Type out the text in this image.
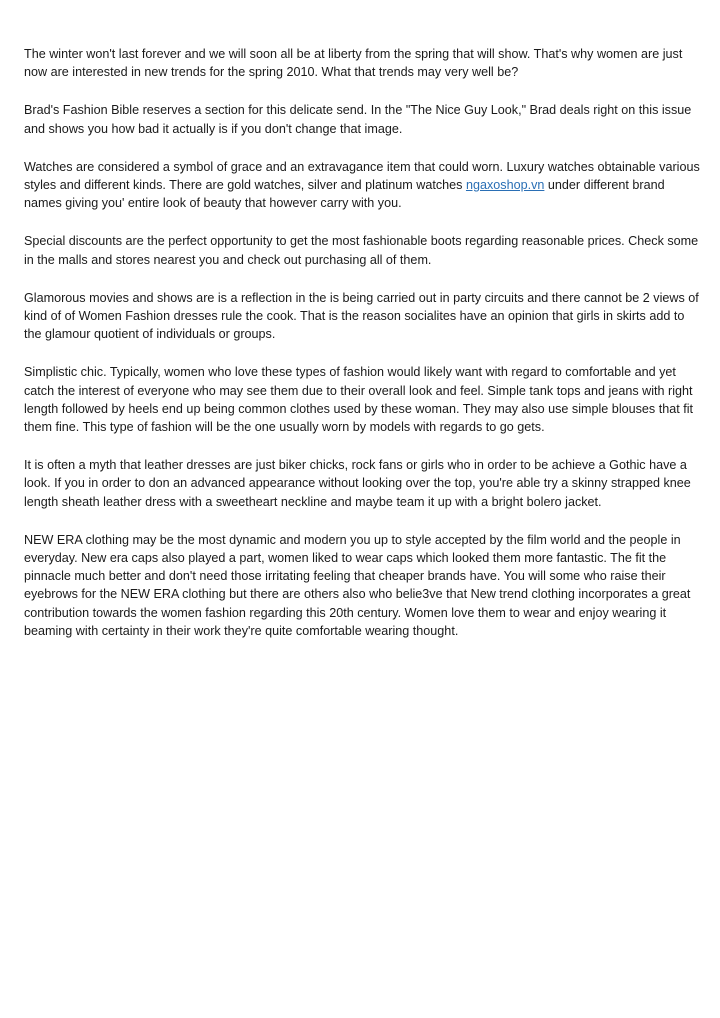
The winter won't last forever and we will soon all be at liberty from the spring that will show. That's why women are just now are interested in new trends for the spring 2010. What that trends may very well be?

Brad's Fashion Bible reserves a section for this delicate send. In the "The Nice Guy Look," Brad deals right on this issue and shows you how bad it actually is if you don't change that image.

Watches are considered a symbol of grace and an extravagance item that could worn. Luxury watches obtainable various styles and different kinds. There are gold watches, silver and platinum watches ngaxoshop.vn under different brand names giving you' entire look of beauty that however carry with you.

Special discounts are the perfect opportunity to get the most fashionable boots regarding reasonable prices. Check some in the malls and stores nearest you and check out purchasing all of them.

Glamorous movies and shows are is a reflection in the is being carried out in party circuits and there cannot be 2 views of kind of of Women Fashion dresses rule the cook. That is the reason socialites have an opinion that girls in skirts add to the glamour quotient of individuals or groups.

Simplistic chic. Typically, women who love these types of fashion would likely want with regard to comfortable and yet catch the interest of everyone who may see them due to their overall look and feel. Simple tank tops and jeans with right length followed by heels end up being common clothes used by these woman. They may also use simple blouses that fit them fine. This type of fashion will be the one usually worn by models with regards to go gets.

It is often a myth that leather dresses are just biker chicks, rock fans or girls who in order to be achieve a Gothic have a look. If you in order to don an advanced appearance without looking over the top, you're able try a skinny strapped knee length sheath leather dress with a sweetheart neckline and maybe team it up with a bright bolero jacket.

NEW ERA clothing may be the most dynamic and modern you up to style accepted by the film world and the people in everyday. New era caps also played a part, women liked to wear caps which looked them more fantastic. The fit the pinnacle much better and don't need those irritating feeling that cheaper brands have. You will some who raise their eyebrows for the NEW ERA clothing but there are others also who belie3ve that New trend clothing incorporates a great contribution towards the women fashion regarding this 20th century. Women love them to wear and enjoy wearing it beaming with certainty in their work they're quite comfortable wearing thought.
